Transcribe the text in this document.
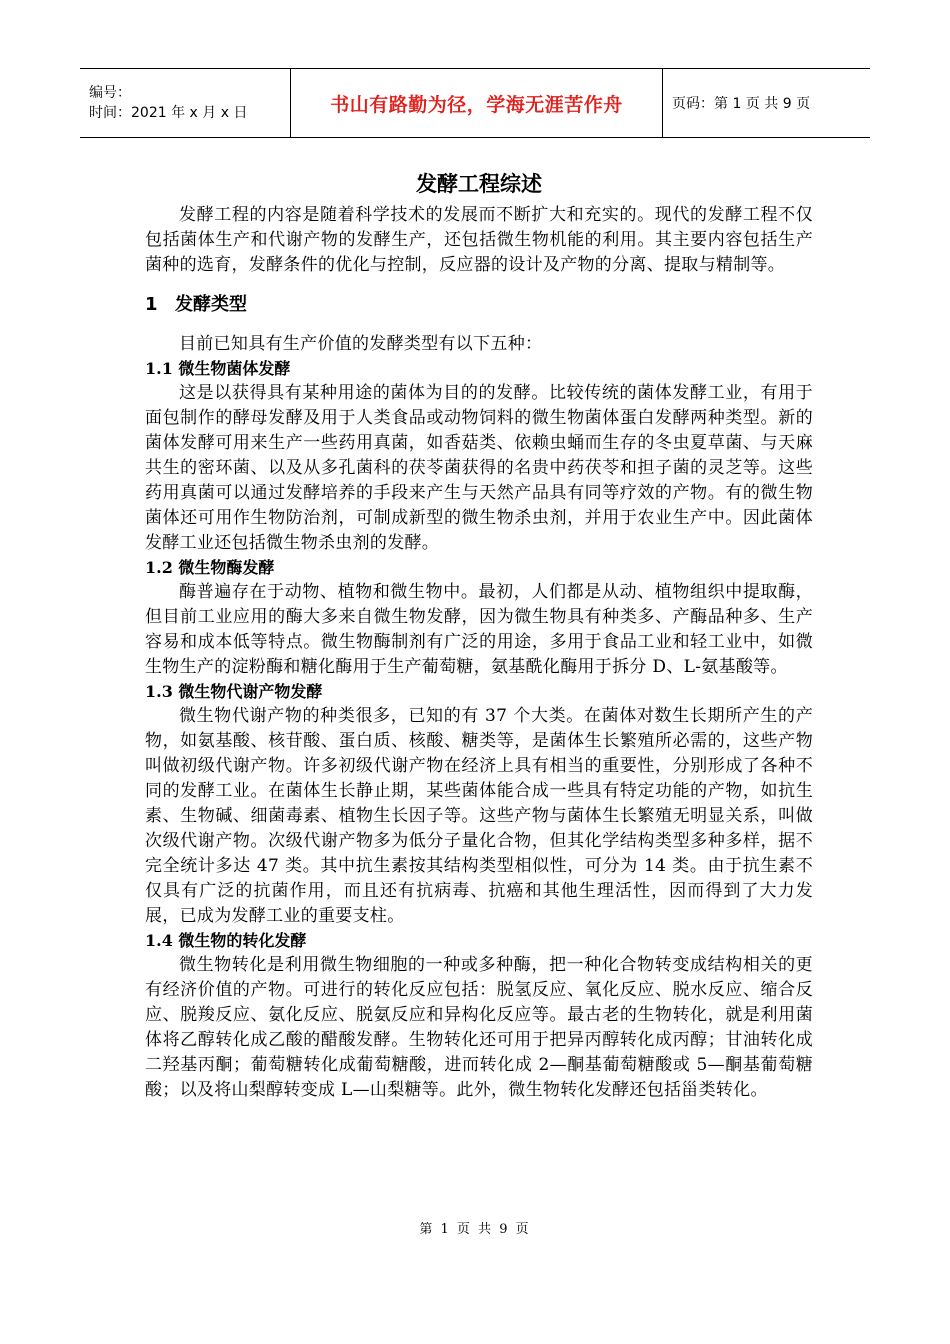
编号：
时间：2021 年 x 月 x 日	书山有路勤为径，学海无涯苦作舟	页码：第 1 页 共 9 页
发酵工程综述

发酵工程的内容是随着科学技术的发展而不断扩大和充实的。现代的发酵工程不仅包括菌体生产和代谢产物的发酵生产，还包括微生物机能的利用。其主要内容包括生产菌种的选育，发酵条件的优化与控制，反应器的设计及产物的分离、提取与精制等。

1 发酵类型

目前已知具有生产价值的发酵类型有以下五种：

1.1 微生物菌体发酵

这是以获得具有某种用途的菌体为目的的发酵。比较传统的菌体发酵工业，有用于面包制作的酵母发酵及用于人类食品或动物饲料的微生物菌体蛋白发酵两种类型。新的菌体发酵可用来生产一些药用真菌，如香菇类、依赖虫蛹而生存的冬虫夏草菌、与天麻共生的密环菌、以及从多孔菌科的茯苓菌获得的名贵中药茯苓和担子菌的灵芝等。这些药用真菌可以通过发酵培养的手段来产生与天然产品具有同等疗效的产物。有的微生物菌体还可用作生物防治剂，可制成新型的微生物杀虫剂，并用于农业生产中。因此菌体发酵工业还包括微生物杀虫剂的发酵。

1.2 微生物酶发酵

酶普遍存在于动物、植物和微生物中。最初，人们都是从动、植物组织中提取酶，但目前工业应用的酶大多来自微生物发酵，因为微生物具有种类多、产酶品种多、生产容易和成本低等特点。微生物酶制剂有广泛的用途，多用于食品工业和轻工业中，如微生物生产的淀粉酶和糖化酶用于生产葡萄糖，氨基酰化酶用于拆分 D、L-氨基酸等。

1.3 微生物代谢产物发酵

微生物代谢产物的种类很多，已知的有 37 个大类。在菌体对数生长期所产生的产物，如氨基酸、核苷酸、蛋白质、核酸、糖类等，是菌体生长繁殖所必需的，这些产物叫做初级代谢产物。许多初级代谢产物在经济上具有相当的重要性，分别形成了各种不同的发酵工业。在菌体生长静止期，某些菌体能合成一些具有特定功能的产物，如抗生素、生物碱、细菌毒素、植物生长因子等。这些产物与菌体生长繁殖无明显关系，叫做次级代谢产物。次级代谢产物多为低分子量化合物，但其化学结构类型多种多样，据不完全统计多达 47 类。其中抗生素按其结构类型相似性，可分为 14 类。由于抗生素不仅具有广泛的抗菌作用，而且还有抗病毒、抗癌和其他生理活性，因而得到了大力发展，已成为发酵工业的重要支柱。

1.4 微生物的转化发酵

微生物转化是利用微生物细胞的一种或多种酶，把一种化合物转变成结构相关的更有经济价值的产物。可进行的转化反应包括：脱氢反应、氧化反应、脱水反应、缩合反应、脱羧反应、氨化反应、脱氨反应和异构化反应等。最古老的生物转化，就是利用菌体将乙醇转化成乙酸的醋酸发酵。生物转化还可用于把异丙醇转化成丙醇；甘油转化成二羟基丙酮；葡萄糖转化成葡萄糖酸，进而转化成 2—酮基葡萄糖酸或 5—酮基葡萄糖酸；以及将山梨醇转变成 L—山梨糖等。此外，微生物转化发酵还包括甾类转化。

第 1 页 共 9 页
